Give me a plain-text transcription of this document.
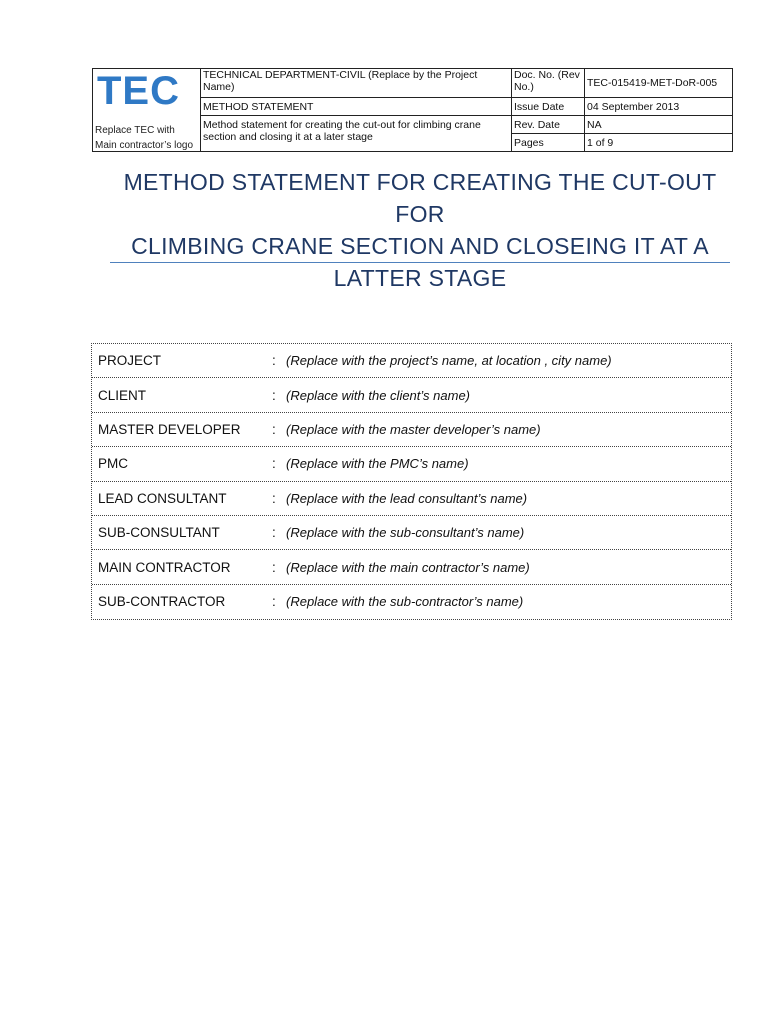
TEC
Replace TEC with
Main contractor’s logo	TECHNICAL DEPARTMENT-CIVIL (Replace by the Project Name)	Doc. No. (Rev No.)	TEC-015419-MET-DoR-005
	METHOD STATEMENT	Issue Date	04 September 2013
	Method statement for creating the cut-out for climbing crane section and closing it at a later stage	Rev. Date	NA
		Pages	1 of 9
METHOD STATEMENT FOR CREATING THE CUT-OUT FOR
CLIMBING CRANE SECTION AND CLOSEING IT AT A
LATTER STAGE
PROJECT	: (Replace with the project’s name, at location , city name)
CLIENT	: (Replace with the client’s name)
MASTER DEVELOPER	: (Replace with the master developer’s name)
PMC	: (Replace with the PMC’s name)
LEAD CONSULTANT	: (Replace with the lead consultant’s name)
SUB-CONSULTANT	: (Replace with the sub-consultant’s name)
MAIN CONTRACTOR	: (Replace with the main contractor’s name)
SUB-CONTRACTOR	: (Replace with the sub-contractor’s name)
